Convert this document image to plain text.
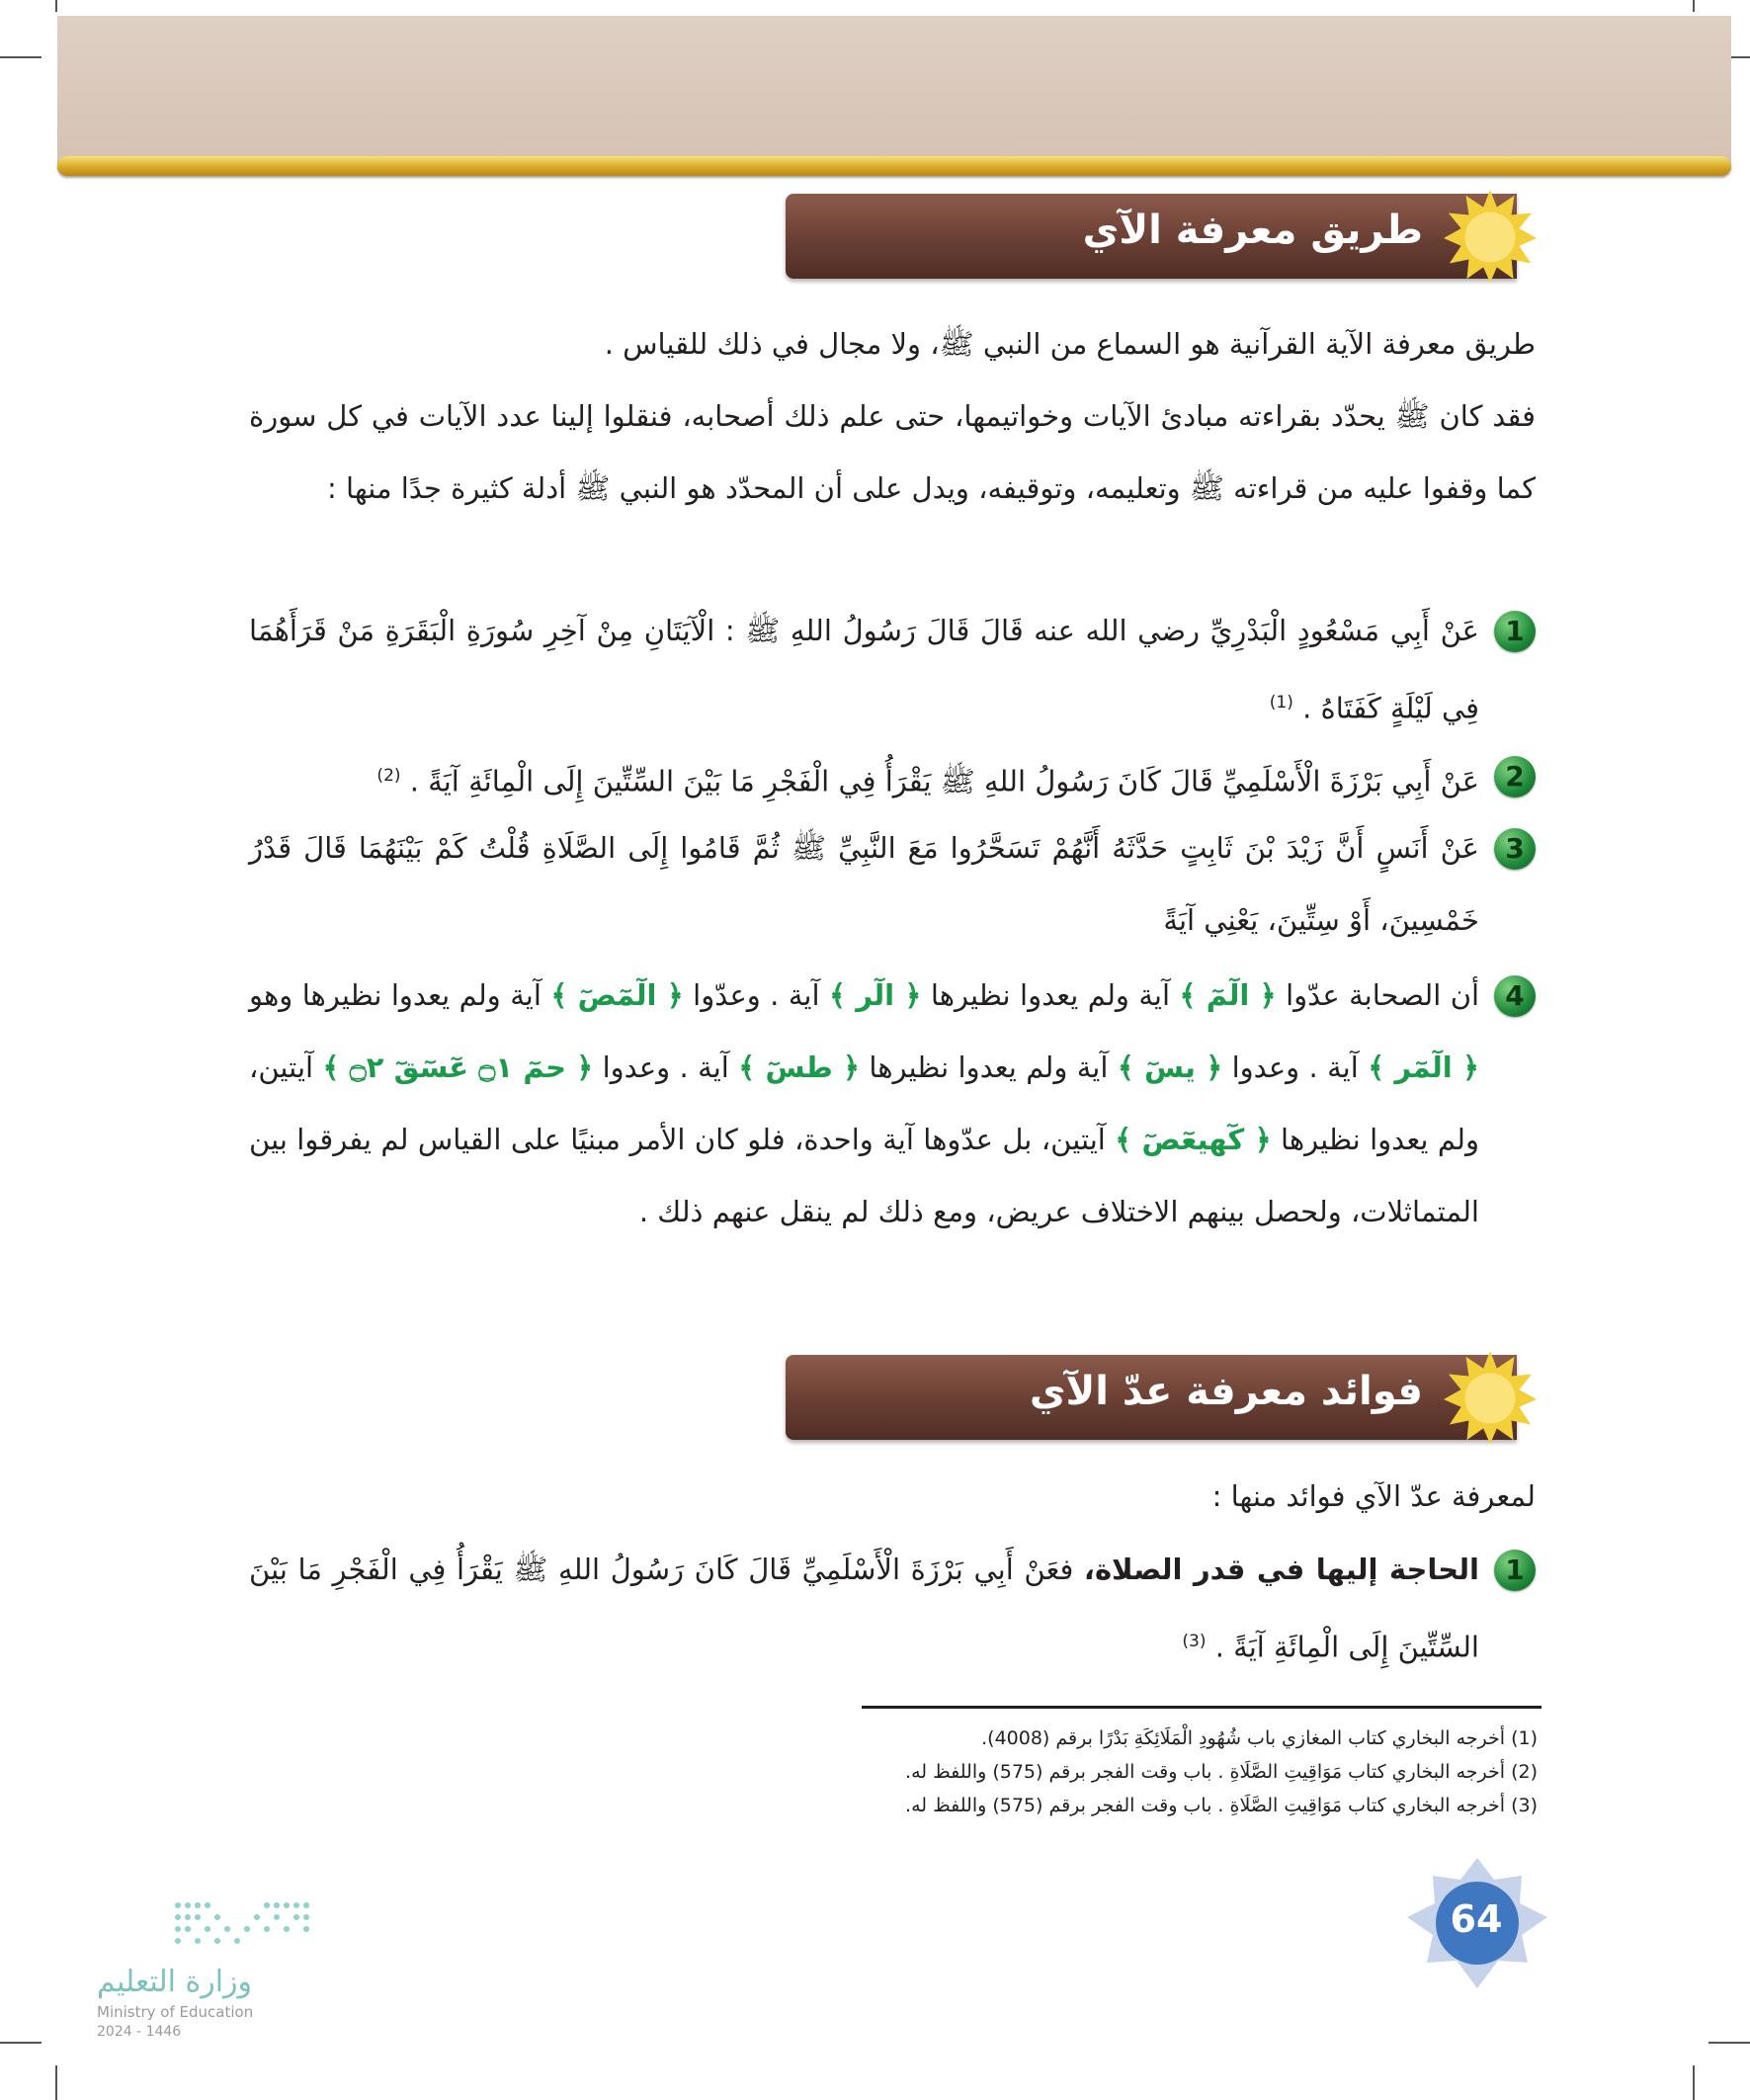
طريق معرفة الآي
طريق معرفة الآية القرآنية هو السماع من النبي ﷺ، ولا مجال في ذلك للقياس .
فقد كان ﷺ يحدّد بقراءته مبادئ الآيات وخواتيمها، حتى علم ذلك أصحابه، فنقلوا إلينا عدد الآيات في كل سورة كما وقفوا عليه من قراءته ﷺ وتعليمه، وتوقيفه، ويدل على أن المحدّد هو النبي ﷺ أدلة كثيرة جدًا منها :
1
عَنْ أَبِي مَسْعُودٍ الْبَدْرِيِّ رضي الله عنه قَالَ قَالَ رَسُولُ اللهِ ﷺ : الْآيَتَانِ مِنْ آخِرِ سُورَةِ الْبَقَرَةِ مَنْ قَرَأَهُمَا فِي لَيْلَةٍ كَفَتَاهُ . $^{(1)}$
2
عَنْ أَبِي بَرْزَةَ الْأَسْلَمِيِّ قَالَ كَانَ رَسُولُ اللهِ ﷺ يَقْرَأُ فِي الْفَجْرِ مَا بَيْنَ السِّتِّينَ إِلَى الْمِائَةِ آيَةً . $^{(2)}$
3
عَنْ أَنَسٍ أَنَّ زَيْدَ بْنَ ثَابِتٍ حَدَّثَهُ أَنَّهُمْ تَسَحَّرُوا مَعَ النَّبِيِّ ﷺ ثُمَّ قَامُوا إِلَى الصَّلَاةِ قُلْتُ كَمْ بَيْنَهُمَا قَالَ قَدْرُ خَمْسِينَ، أَوْ سِتِّينَ، يَعْنِي آيَةً
4
أن الصحابة عدّوا ﴿ الٓمٓ ﴾ آية ولم يعدوا نظيرها ﴿ الٓر ﴾ آية . وعدّوا ﴿ الٓمٓصٓ ﴾ آية ولم يعدوا نظيرها وهو ﴿ الٓمٓر ﴾ آية . وعدوا ﴿ يسٓ ﴾ آية ولم يعدوا نظيرها ﴿ طسٓ ﴾ آية . وعدوا ﴿ حمٓ ۝١ عٓسٓقٓ ۝٢ ﴾ آيتين، ولم يعدوا نظيرها ﴿ كٓهيعٓصٓ ﴾ آيتين، بل عدّوها آية واحدة، فلو كان الأمر مبنيًا على القياس لم يفرقوا بين المتماثلات، ولحصل بينهم الاختلاف عريض، ومع ذلك لم ينقل عنهم ذلك .
فوائد معرفة عدّ الآي
لمعرفة عدّ الآي فوائد منها :
1
الحاجة إليها في قدر الصلاة، فعَنْ أَبِي بَرْزَةَ الْأَسْلَمِيِّ قَالَ كَانَ رَسُولُ اللهِ ﷺ يَقْرَأُ فِي الْفَجْرِ مَا بَيْنَ السِّتِّينَ إِلَى الْمِائَةِ آيَةً . $^{(3)}$
(1) أخرجه البخاري كتاب المغازي باب شُهُودِ الْمَلَائِكَةِ بَدْرًا برقم (4008).
(2) أخرجه البخاري كتاب مَوَاقِيتِ الصَّلَاةِ . باب وقت الفجر برقم (575) واللفظ له.
(3) أخرجه البخاري كتاب مَوَاقِيتِ الصَّلَاةِ . باب وقت الفجر برقم (575) واللفظ له.
64
وزارة التعليم
Ministry of Education
2024 - 1446
